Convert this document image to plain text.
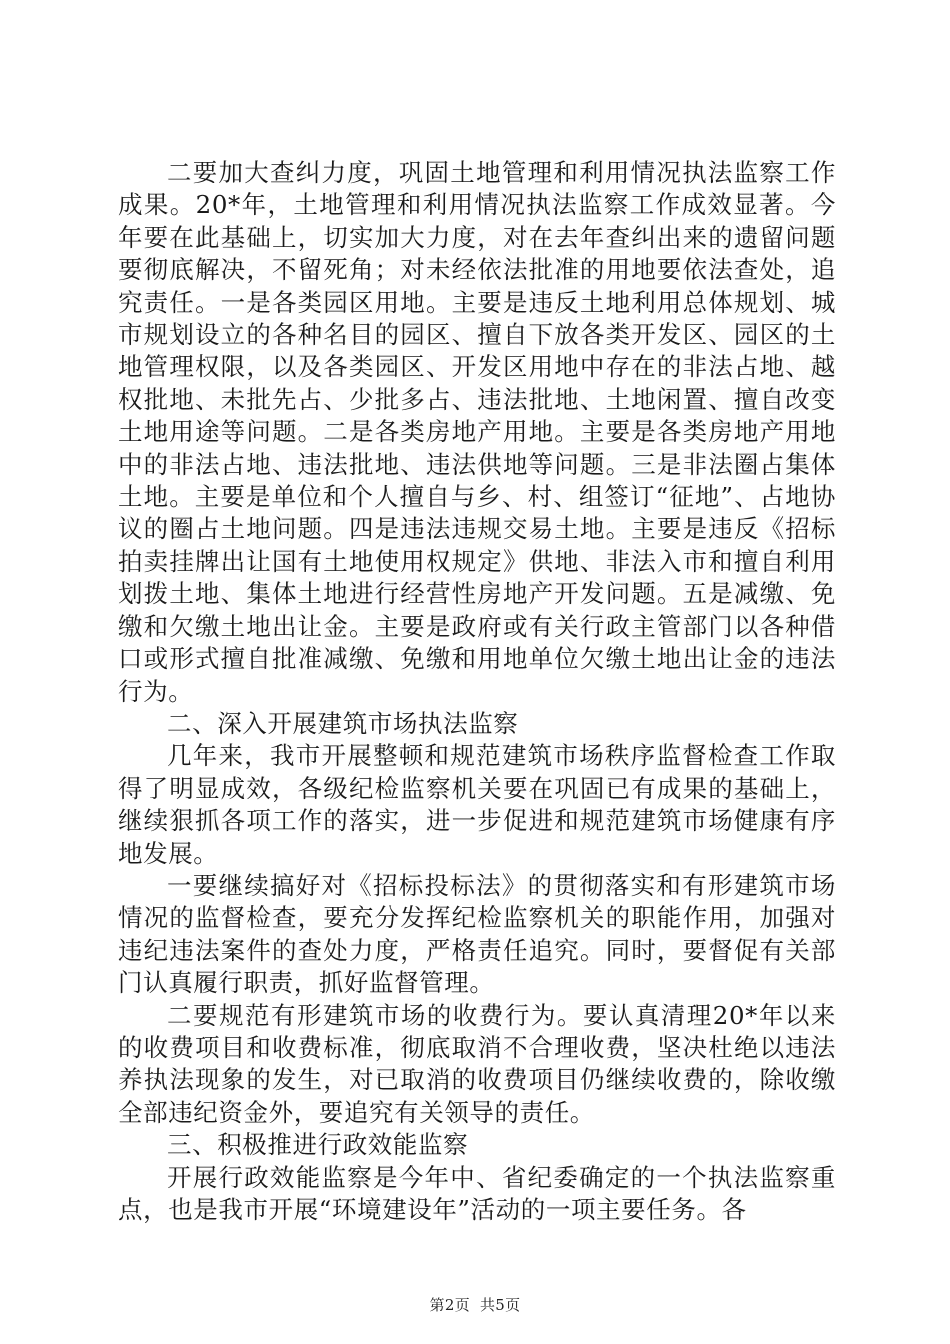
二要加大查纠力度，巩固土地管理和利用情况执法监察工作成果。20*年，土地管理和利用情况执法监察工作成效显著。今年要在此基础上，切实加大力度，对在去年查纠出来的遗留问题要彻底解决，不留死角；对未经依法批准的用地要依法查处，追究责任。一是各类园区用地。主要是违反土地利用总体规划、城市规划设立的各种名目的园区、擅自下放各类开发区、园区的土地管理权限，以及各类园区、开发区用地中存在的非法占地、越权批地、未批先占、少批多占、违法批地、土地闲置、擅自改变土地用途等问题。二是各类房地产用地。主要是各类房地产用地中的非法占地、违法批地、违法供地等问题。三是非法圈占集体土地。主要是单位和个人擅自与乡、村、组签订“征地”、占地协议的圈占土地问题。四是违法违规交易土地。主要是违反《招标拍卖挂牌出让国有土地使用权规定》供地、非法入市和擅自利用划拨土地、集体土地进行经营性房地产开发问题。五是减缴、免缴和欠缴土地出让金。主要是政府或有关行政主管部门以各种借口或形式擅自批准减缴、免缴和用地单位欠缴土地出让金的违法行为。

二、深入开展建筑市场执法监察

几年来，我市开展整顿和规范建筑市场秩序监督检查工作取得了明显成效，各级纪检监察机关要在巩固已有成果的基础上，继续狠抓各项工作的落实，进一步促进和规范建筑市场健康有序地发展。

一要继续搞好对《招标投标法》的贯彻落实和有形建筑市场情况的监督检查，要充分发挥纪检监察机关的职能作用，加强对违纪违法案件的查处力度，严格责任追究。同时，要督促有关部门认真履行职责，抓好监督管理。

二要规范有形建筑市场的收费行为。要认真清理20*年以来的收费项目和收费标准，彻底取消不合理收费，坚决杜绝以违法养执法现象的发生，对已取消的收费项目仍继续收费的，除收缴全部违纪资金外，要追究有关领导的责任。

三、积极推进行政效能监察

开展行政效能监察是今年中、省纪委确定的一个执法监察重点，也是我市开展“环境建设年”活动的一项主要任务。各

第2页 共5页
